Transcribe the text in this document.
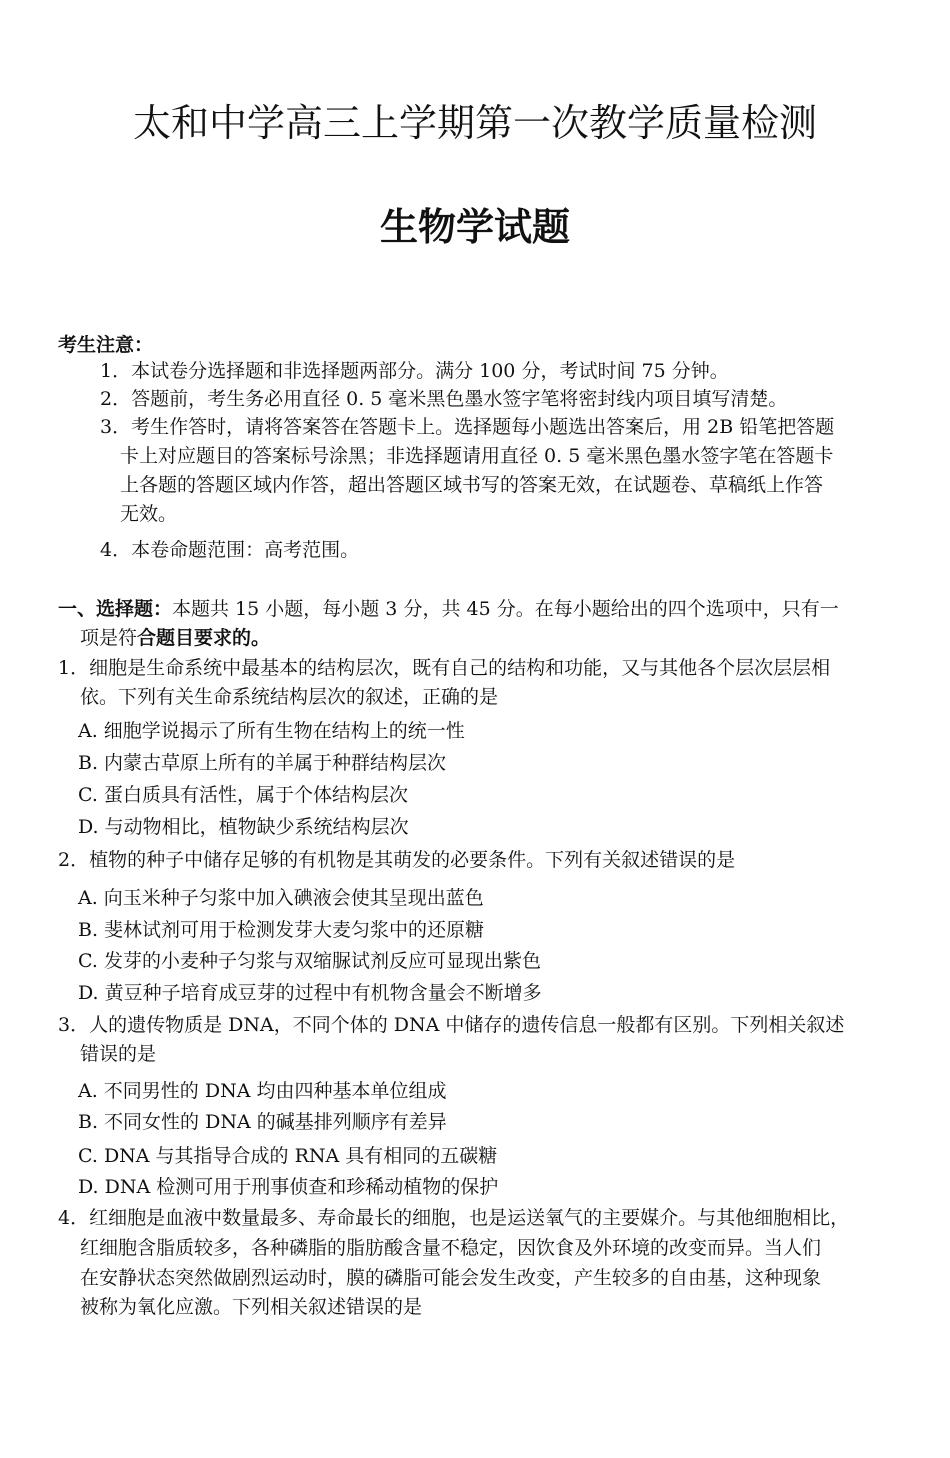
太和中学高三上学期第一次教学质量检测
生物学试题
考生注意：
1．本试卷分选择题和非选择题两部分。满分 100 分，考试时间 75 分钟。
2．答题前，考生务必用直径 0. 5 毫米黑色墨水签字笔将密封线内项目填写清楚。
3．考生作答时，请将答案答在答题卡上。选择题每小题选出答案后，用 2B 铅笔把答题
卡上对应题目的答案标号涂黑；非选择题请用直径 0. 5 毫米黑色墨水签字笔在答题卡
上各题的答题区域内作答，超出答题区域书写的答案无效，在试题卷、草稿纸上作答
无效。
4．本卷命题范围：高考范围。
一、选择题：本题共 15 小题，每小题 3 分，共 45 分。在每小题给出的四个选项中，只有一
项是符合题目要求的。
1．细胞是生命系统中最基本的结构层次，既有自己的结构和功能，又与其他各个层次层层相
依。下列有关生命系统结构层次的叙述，正确的是
A. 细胞学说揭示了所有生物在结构上的统一性
B. 内蒙古草原上所有的羊属于种群结构层次
C. 蛋白质具有活性，属于个体结构层次
D. 与动物相比，植物缺少系统结构层次
2．植物的种子中储存足够的有机物是其萌发的必要条件。下列有关叙述错误的是
A. 向玉米种子匀浆中加入碘液会使其呈现出蓝色
B. 斐林试剂可用于检测发芽大麦匀浆中的还原糖
C. 发芽的小麦种子匀浆与双缩脲试剂反应可显现出紫色
D. 黄豆种子培育成豆芽的过程中有机物含量会不断增多
3．人的遗传物质是 DNA，不同个体的 DNA 中储存的遗传信息一般都有区别。下列相关叙述
错误的是
A. 不同男性的 DNA 均由四种基本单位组成
B. 不同女性的 DNA 的碱基排列顺序有差异
C. DNA 与其指导合成的 RNA 具有相同的五碳糖
D. DNA 检测可用于刑事侦查和珍稀动植物的保护
4．红细胞是血液中数量最多、寿命最长的细胞，也是运送氧气的主要媒介。与其他细胞相比，
红细胞含脂质较多，各种磷脂的脂肪酸含量不稳定，因饮食及外环境的改变而异。当人们
在安静状态突然做剧烈运动时，膜的磷脂可能会发生改变，产生较多的自由基，这种现象
被称为氧化应激。下列相关叙述错误的是
